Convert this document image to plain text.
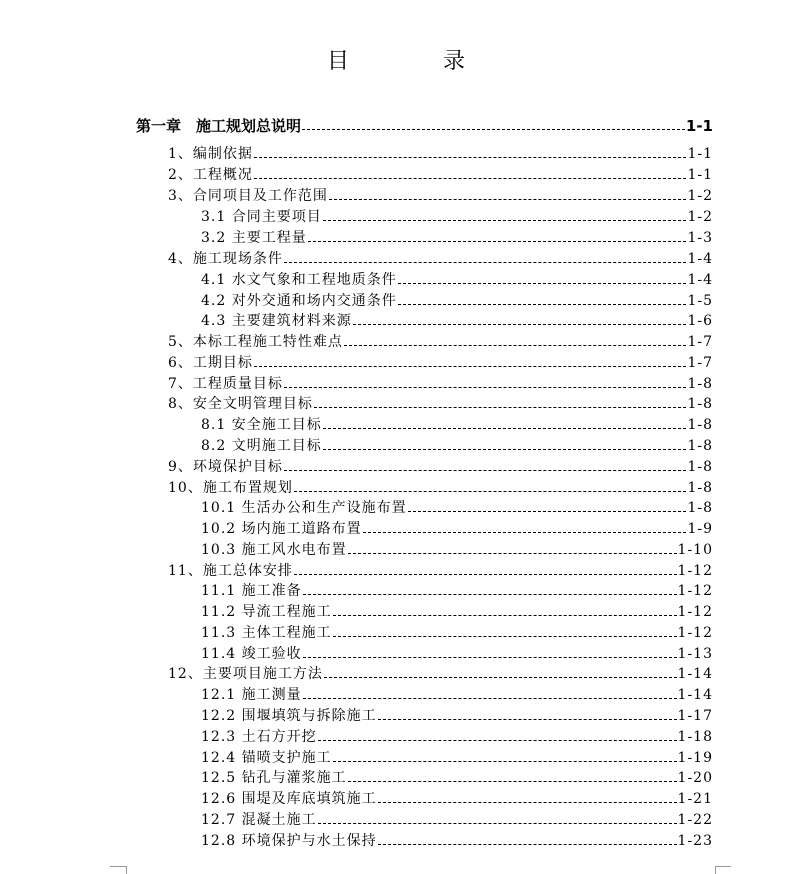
目　录
第一章　施工规划总说明	1-1
1、编制依据	1-1
2、工程概况	1-1
3、合同项目及工作范围	1-2
3.1 合同主要项目	1-2
3.2 主要工程量	1-3
4、施工现场条件	1-4
4.1 水文气象和工程地质条件	1-4
4.2 对外交通和场内交通条件	1-5
4.3 主要建筑材料来源	1-6
5、本标工程施工特性难点	1-7
6、工期目标	1-7
7、工程质量目标	1-8
8、安全文明管理目标	1-8
8.1 安全施工目标	1-8
8.2 文明施工目标	1-8
9、环境保护目标	1-8
10、施工布置规划	1-8
10.1 生活办公和生产设施布置	1-8
10.2 场内施工道路布置	1-9
10.3 施工风水电布置	1-10
11、施工总体安排	1-12
11.1 施工准备	1-12
11.2 导流工程施工	1-12
11.3 主体工程施工	1-12
11.4 竣工验收	1-13
12、主要项目施工方法	1-14
12.1 施工测量	1-14
12.2 围堰填筑与拆除施工	1-17
12.3 土石方开挖	1-18
12.4 锚喷支护施工	1-19
12.5 钻孔与灌浆施工	1-20
12.6 围堤及库底填筑施工	1-21
12.7 混凝土施工	1-22
12.8 环境保护与水土保持	1-23
